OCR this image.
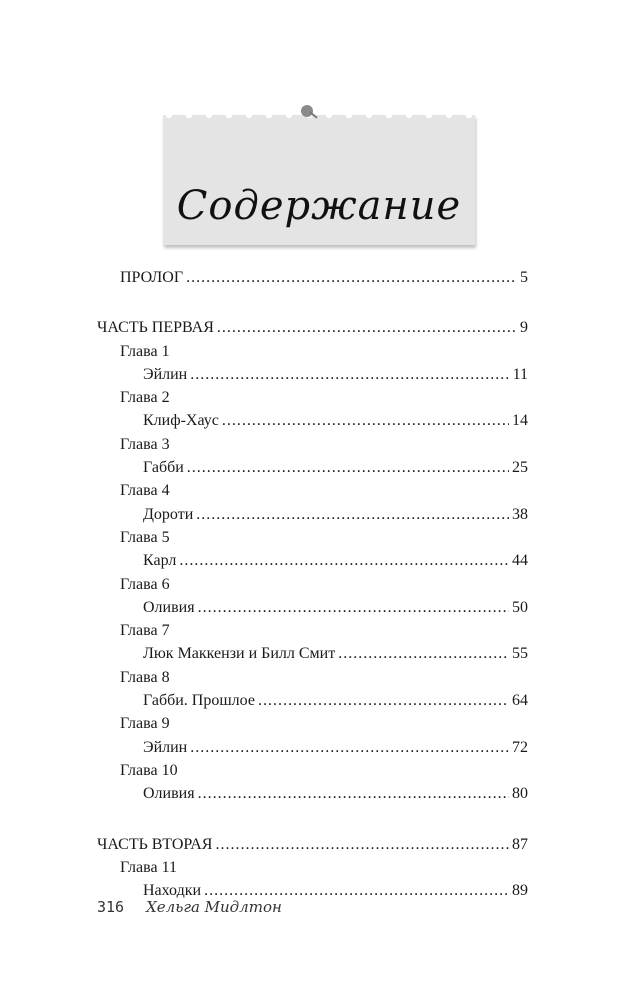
Содержание
ПРОЛОГ .....	5
ЧАСТЬ ПЕРВАЯ .....	9
Глава 1
Эйлин .....	11
Глава 2
Клиф-Хаус .....	14
Глава 3
Габби .....	25
Глава 4
Дороти .....	38
Глава 5
Карл .....	44
Глава 6
Оливия .....	50
Глава 7
Люк Маккензи и Билл Смит .....	55
Глава 8
Габби. Прошлое .....	64
Глава 9
Эйлин .....	72
Глава 10
Оливия .....	80
ЧАСТЬ ВТОРАЯ .....	87
Глава 11
Находки .....	89
316 Хельга Мидлтон
